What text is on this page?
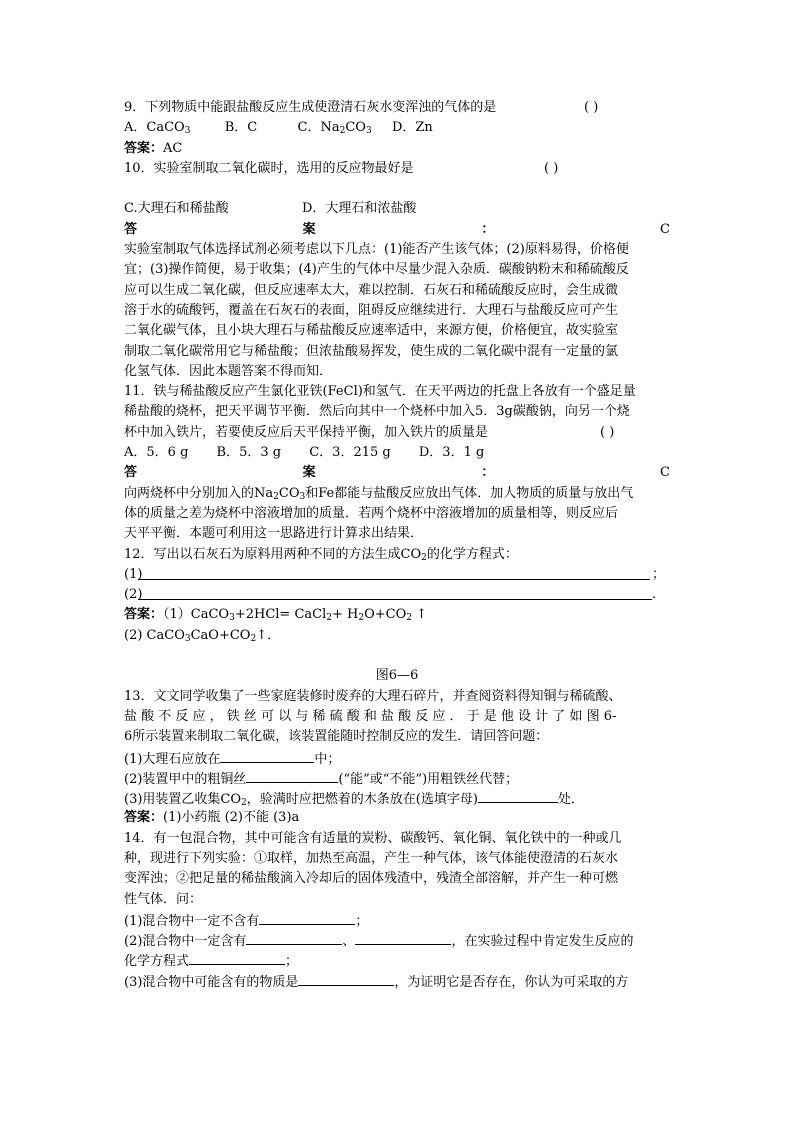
9．下列物质中能跟盐酸反应生成使澄清石灰水变浑浊的气体的是	( )
A．CaCO$_3$	B．C	C．$Na_2CO_3$ D．Zn
答案：AC
10．实验室制取二氧化碳时，选用的反应物最好是	( )
C.大理石和稀盐酸	D．大理石和浓盐酸
答	案	：	C
实验室制取气体选择试剂必须考虑以下几点：(1)能否产生该气体；(2)原料易得，价格便
宜；(3)操作简便，易于收集；(4)产生的气体中尽量少混入杂质．碳酸钠粉末和稀硫酸反
应可以生成二氧化碳，但反应速率太大，难以控制．石灰石和稀硫酸反应时，会生成微
溶于水的硫酸钙，覆盖在石灰石的表面，阻碍反应继续进行．大理石与盐酸反应可产生
二氧化碳气体，且小块大理石与稀盐酸反应速率适中，来源方便，价格便宜，故实验室
制取二氧化碳常用它与稀盐酸；但浓盐酸易挥发，使生成的二氧化碳中混有一定量的氯
化氢气体．因此本题答案不得而知．
11．铁与稀盐酸反应产生氯化亚铁(FeCl)和氢气．在天平两边的托盘上各放有一个盛足量
稀盐酸的烧杯，把天平调节平衡．然后向其中一个烧杯中加入5．3g碳酸钠，向另一个烧
杯中加入铁片，若要使反应后天平保持平衡，加入铁片的质量是	( )
A．5．6 g B．5．3 g C．3．215 g D．3．1 g
答	案	：	C
向两烧杯中分别加入的$Na_2CO_3$和Fe都能与盐酸反应放出气体．加人物质的质量与放出气
体的质量之差为烧杯中溶液增加的质量．若两个烧杯中溶液增加的质量相等，则反应后
天平平衡．本题可利用这一思路进行计算求出结果．
12．写出以石灰石为原料用两种不同的方法生成$CO_2$的化学方程式：
(1)	；
(2)	.
答案：（1）CaCO$_3$+2HCl= CaCl$_2$+ $H_2O+CO_2$ ↑
(2) $CaCO_3CaO+CO_2↑$．
图6—6
13．文文同学收集了一些家庭装修时废弃的大理石碎片，并查阅资料得知铜与稀硫酸、
盐 酸 不 反 应 ， 铁 丝 可 以 与 稀 硫 酸 和 盐 酸 反 应 ． 于 是 他 设 计 了 如 图 6-
6所示装置来制取二氧化碳，该装置能随时控制反应的发生．请回答问题：
(1)大理石应放在	中；
(2)装置甲中的粗铜丝	(“能”或“不能”)用粗铁丝代替；
(3)用装置乙收集$CO_2$，验满时应把燃着的木条放在(选填字母)	处．
答案：(1)小药瓶 (2)不能 (3)a
14．有一包混合物，其中可能含有适量的炭粉、碳酸钙、氧化铜、氧化铁中的一种或几
种，现进行下列实验：①取样，加热至高温，产生一种气体，该气体能使澄清的石灰水
变浑浊；②把足量的稀盐酸滴入冷却后的固体残渣中，残渣全部溶解，并产生一种可燃
性气体．问：
(1)混合物中一定不含有	；
(2)混合物中一定含有	、	，在实验过程中肯定发生反应的
化学方程式	；
(3)混合物中可能含有的物质是	，为证明它是否存在，你认为可采取的方
